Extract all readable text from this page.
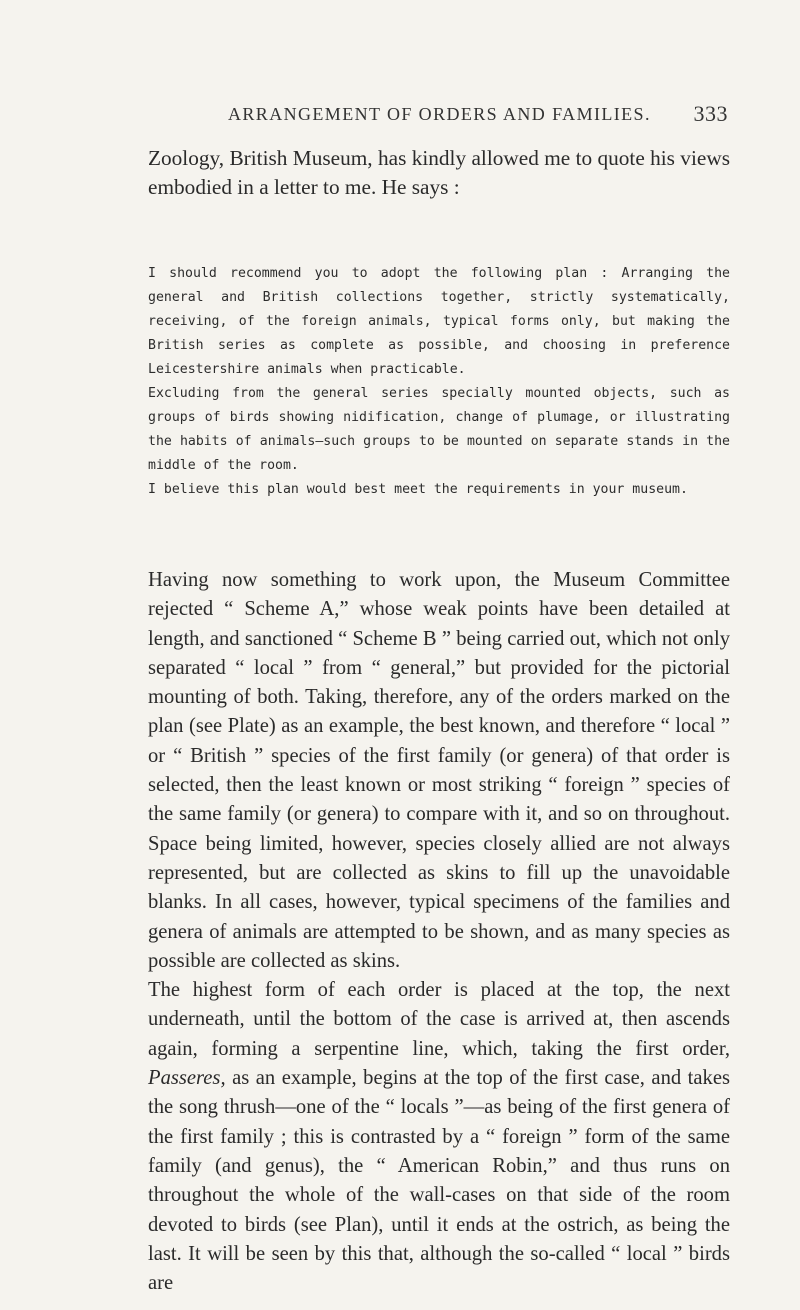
ARRANGEMENT OF ORDERS AND FAMILIES. 333

Zoology, British Museum, has kindly allowed me to quote his views embodied in a letter to me. He says :

I should recommend you to adopt the following plan : Arranging the general and British collections together, strictly systematically, receiving, of the foreign animals, typical forms only, but making the British series as complete as possible, and choosing in preference Leicestershire animals when practicable.

Excluding from the general series specially mounted objects, such as groups of birds showing nidification, change of plumage, or illustrating the habits of animals—such groups to be mounted on separate stands in the middle of the room.

I believe this plan would best meet the requirements in your museum.

Having now something to work upon, the Museum Committee rejected “ Scheme A,” whose weak points have been detailed at length, and sanctioned “ Scheme B ” being carried out, which not only separated “ local ” from “ general,” but provided for the pictorial mounting of both. Taking, therefore, any of the orders marked on the plan (see Plate) as an example, the best known, and therefore “ local ” or “ British ” species of the first family (or genera) of that order is selected, then the least known or most striking “ foreign ” species of the same family (or genera) to compare with it, and so on throughout. Space being limited, however, species closely allied are not always represented, but are collected as skins to fill up the unavoidable blanks. In all cases, however, typical specimens of the families and genera of animals are attempted to be shown, and as many species as possible are collected as skins.

The highest form of each order is placed at the top, the next underneath, until the bottom of the case is arrived at, then ascends again, forming a serpentine line, which, taking the first order, Passeres, as an example, begins at the top of the first case, and takes the song thrush—one of the “ locals ”—as being of the first genera of the first family ; this is contrasted by a “ foreign ” form of the same family (and genus), the “ American Robin,” and thus runs on throughout the whole of the wall-cases on that side of the room devoted to birds (see Plan), until it ends at the ostrich, as being the last. It will be seen by this that, although the so-called “ local ” birds are
